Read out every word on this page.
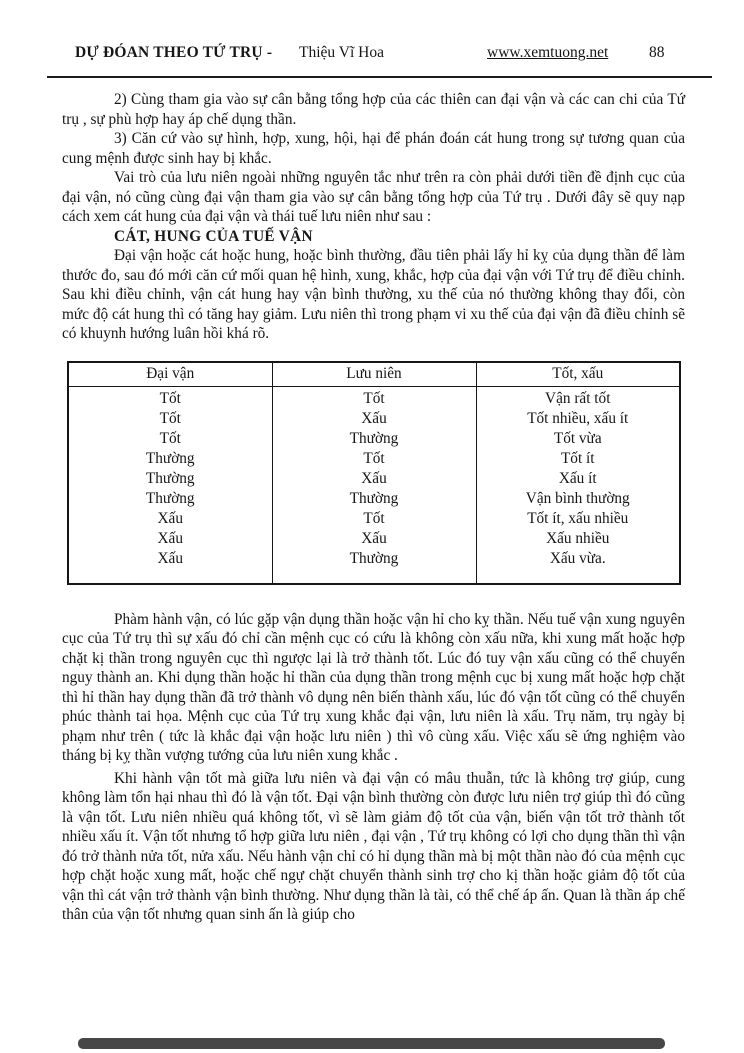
DỰ ĐÓAN THEO TỨ TRỤ - Thiệu Vĩ Hoa	www.xemtuong.net	88

2) Cùng tham gia vào sự cân bằng tổng hợp của các thiên can đại vận và các can chi của Tứ trụ , sự phù hợp hay áp chế dụng thần.

3) Căn cứ vào sự hình, hợp, xung, hội, hại để phán đoán cát hung trong sự tương quan của cung mệnh được sinh hay bị khắc.

Vai trò của lưu niên ngoài những nguyên tắc như trên ra còn phải dưới tiền đề định cục của đại vận, nó cũng cùng đại vận tham gia vào sự cân bằng tổng hợp của Tứ trụ . Dưới đây sẽ quy nạp cách xem cát hung của đại vận và thái tuế lưu niên như sau :

CÁT, HUNG CỦA TUẾ VẬN

Đại vận hoặc cát hoặc hung, hoặc bình thường, đầu tiên phải lấy hỉ kỵ của dụng thần để làm thước đo, sau đó mới căn cứ mối quan hệ hình, xung, khắc, hợp của đại vận với Tứ trụ để điều chỉnh. Sau khi điều chỉnh, vận cát hung hay vận bình thường, xu thế của nó thường không thay đổi, còn mức độ cát hung thì có tăng hay giảm. Lưu niên thì trong phạm vi xu thế của đại vận đã điều chỉnh sẽ có khuynh hướng luân hồi khá rõ.

Đại vận	Lưu niên	Tốt, xấu
Tốt	Tốt	Vận rất tốt
Tốt	Xấu	Tốt nhiều, xấu ít
Tốt	Thường	Tốt vừa
Thường	Tốt	Tốt ít
Thường	Xấu	Xấu ít
Thường	Thường	Vận bình thường
Xấu	Tốt	Tốt ít, xấu nhiều
Xấu	Xấu	Xấu nhiều
Xấu	Thường	Xấu vừa.

Phàm hành vận, có lúc gặp vận dụng thần hoặc vận hỉ cho kỵ thần. Nếu tuế vận xung nguyên cục của Tứ trụ thì sự xấu đó chỉ cần mệnh cục có cứu là không còn xấu nữa, khi xung mất hoặc hợp chặt kị thần trong nguyên cục thì ngược lại là trở thành tốt. Lúc đó tuy vận xấu cũng có thể chuyển nguy thành an. Khi dụng thần hoặc hỉ thần của dụng thần trong mệnh cục bị xung mất hoặc hợp chặt thì hỉ thần hay dụng thần đã trở thành vô dụng nên biến thành xấu, lúc đó vận tốt cũng có thể chuyển phúc thành tai họa. Mệnh cục của Tứ trụ xung khắc đại vận, lưu niên là xấu. Trụ năm, trụ ngày bị phạm như trên ( tức là khắc đại vận hoặc lưu niên ) thì vô cùng xấu. Việc xấu sẽ ứng nghiệm vào tháng bị kỵ thần vượng tướng của lưu niên xung khắc .

Khi hành vận tốt mà giữa lưu niên và đại vận có mâu thuẫn, tức là không trợ giúp, cung không làm tổn hại nhau thì đó là vận tốt. Đại vận bình thường còn được lưu niên trợ giúp thì đó cũng là vận tốt. Lưu niên nhiều quá không tốt, vì sẽ làm giảm độ tốt của vận, biến vận tốt trở thành tốt nhiều xấu ít. Vận tốt nhưng tổ hợp giữa lưu niên , đại vận , Tứ trụ không có lợi cho dụng thần thì vận đó trở thành nửa tốt, nửa xấu. Nếu hành vận chỉ có hỉ dụng thần mà bị một thần nào đó của mệnh cục hợp chặt hoặc xung mất, hoặc chế ngự chặt chuyển thành sinh trợ cho kị thần hoặc giảm độ tốt của vận thì cát vận trở thành vận bình thường. Như dụng thần là tài, có thể chế áp ấn. Quan là thần áp chế thân của vận tốt nhưng quan sinh ấn là giúp cho
